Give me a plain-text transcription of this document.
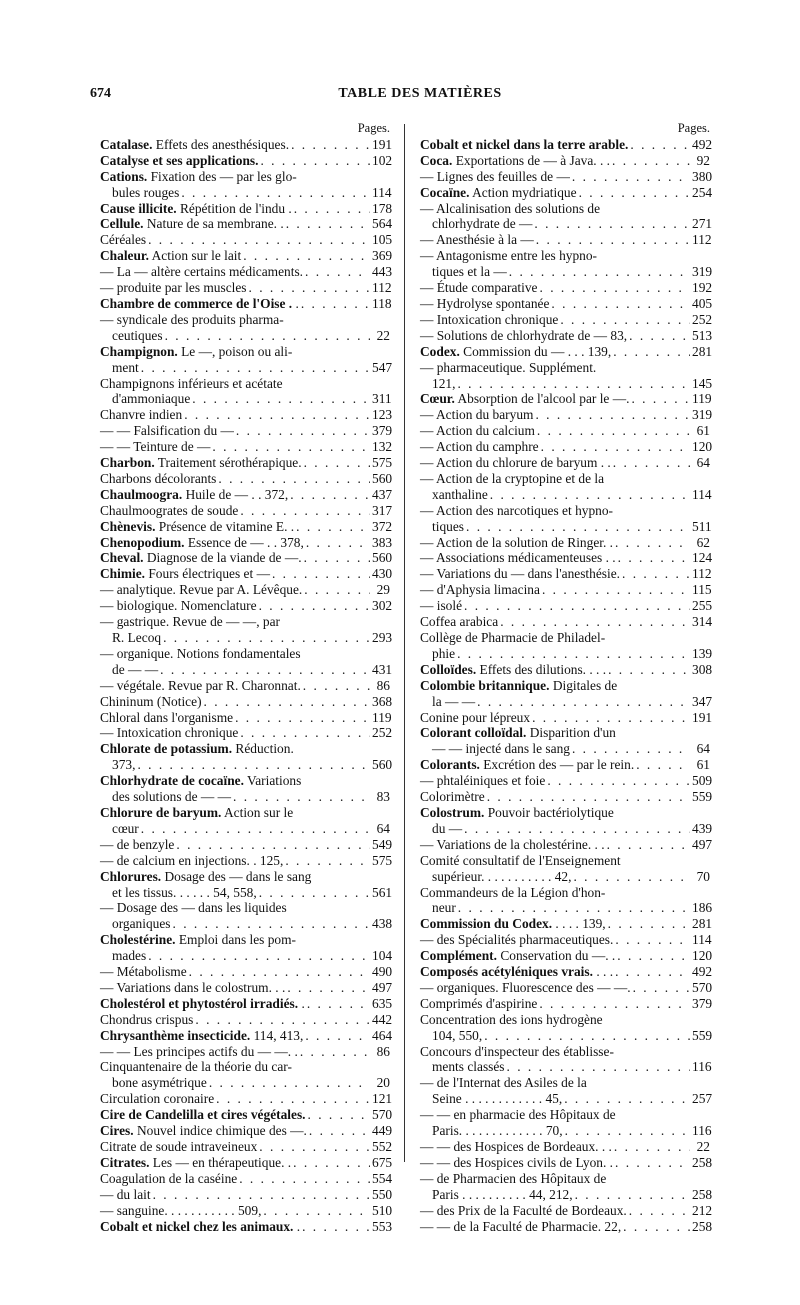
674	TABLE DES MATIÈRES
Pages.
Catalase. Effets des anesthésiques. . . .	191
Catalyse et ses applications. . . .	102
Cations. Fixation des — par les glo-
bules rouges . . .	114
Cause illicite. Répétition de l'indu . . . .	178
Cellule. Nature de sa membrane. . . . .	564
Céréales . . .	105
Chaleur. Action sur le lait . . .	369
— La — altère certains médicaments. . . .	443
— produite par les muscles . . .	112
Chambre de commerce de l'Oise . . . . .	118
— syndicale des produits pharma-
ceutiques . . .	22
Champignon. Le —, poison ou ali-
ment . . .	547
Champignons inférieurs et acétate
d'ammoniaque . . .	311
Chanvre indien . . .	123
— — Falsification du — . . .	379
— — Teinture de — . . .	132
Charbon. Traitement sérothérapique. . . .	575
Charbons décolorants . . .	560
Chaulmoogra. Huile de — . . 372, . . .	437
Chaulmoogrates de soude . . .	317
Chènevis. Présence de vitamine E. . . . .	372
Chenopodium. Essence de — . . 378, . . .	383
Cheval. Diagnose de la viande de —. . . .	560
Chimie. Fours électriques et — . . .	430
— analytique. Revue par A. Lévêque. . . .	29
— biologique. Nomenclature . . .	302
— gastrique. Revue de — —, par
R. Lecoq . . .	293
— organique. Notions fondamentales
de — — . . .	431
— végétale. Revue par R. Charonnat. . . .	86
Chininum (Notice) . . .	368
Chloral dans l'organisme . . .	119
— Intoxication chronique . . .	252
Chlorate de potassium. Réduction.
373, . . .	560
Chlorhydrate de cocaïne. Variations
des solutions de — — . . .	83
Chlorure de baryum. Action sur le
cœur . . .	64
— de benzyle . . .	549
— de calcium en injections. . 125, . . .	575
Chlorures. Dosage des — dans le sang
et les tissus. . . . . . 54, 558, . . .	561
— Dosage des — dans les liquides
organiques . . .	438
Cholestérine. Emploi dans les pom-
mades . . .	104
— Métabolisme . . .	490
— Variations dans le colostrum. . . . . .	497
Cholestérol et phytostérol irradiés. . . . .	635
Chondrus crispus . . .	442
Chrysanthème insecticide. 114, 413, . . .	464
— — Les principes actifs du — —. . . . .	86
Cinquantenaire de la théorie du car-
bone asymétrique . . .	20
Circulation coronaire . . .	121
Cire de Candelilla et cires végétales. . . .	570
Cires. Nouvel indice chimique des —. . . .	449
Citrate de soude intraveineux . . .	552
Citrates. Les — en thérapeutique. . . . .	675
Coagulation de la caséine . . .	554
— du lait . . .	550
— sanguine. . . . . . . . . . . 509, . . .	510
Cobalt et nickel chez les animaux. . . . .	553
Pages.
Cobalt et nickel dans la terre arable. . . .	492
Coca. Exportations de — à Java. . . . . .	92
— Lignes des feuilles de — . . .	380
Cocaïne. Action mydriatique . . .	254
— Alcalinisation des solutions de
chlorhydrate de — . . .	271
— Anesthésie à la — . . .	112
— Antagonisme entre les hypno-
tiques et la — . . .	319
— Étude comparative . . .	192
— Hydrolyse spontanée . . .	405
— Intoxication chronique . . .	252
— Solutions de chlorhydrate de — 83, . . .	513
Codex. Commission du — . . . 139, . . .	281
— pharmaceutique. Supplément.
121, . . .	145
Cœur. Absorption de l'alcool par le —. . . .	119
— Action du baryum . . .	319
— Action du calcium . . .	61
— Action du camphre . . .	120
— Action du chlorure de baryum . . . . .	64
— Action de la cryptopine et de la
xanthaline . . .	114
— Action des narcotiques et hypno-
tiques . . .	511
— Action de la solution de Ringer. . . . .	62
— Associations médicamenteuses . . . . .	124
— Variations du — dans l'anesthésie. . . .	112
— d'Aphysia limacina . . .	115
— isolé . . .	255
Coffea arabica . . .	314
Collège de Pharmacie de Philadel-
phie . . .	139
Colloïdes. Effets des dilutions. . . . . . .	308
Colombie britannique. Digitales de
la — — . . .	347
Conine pour lépreux . . .	191
Colorant colloïdal. Disparition d'un
— — injecté dans le sang . . .	64
Colorants. Excrétion des — par le rein. . . .	61
— phtaléiniques et foie . . .	509
Colorimètre . . .	559
Colostrum. Pouvoir bactériolytique
du — . . .	439
— Variations de la cholestérine. . . . . .	497
Comité consultatif de l'Enseignement
supérieur. . . . . . . . . . . 42, . . .	70
Commandeurs de la Légion d'hon-
neur . . .	186
Commission du Codex. . . . . 139, . . .	281
— des Spécialités pharmaceutiques. . . .	114
Complément. Conservation du —. . . . .	120
Composés acétyléniques vrais. . . . . . .	492
— organiques. Fluorescence des — —. . . .	570
Comprimés d'aspirine . . .	379
Concentration des ions hydrogène
104, 550, . . .	559
Concours d'inspecteur des établisse-
ments classés . . .	116
— de l'Internat des Asiles de la
Seine . . . . . . . . . . . . 45, . . .	257
— — en pharmacie des Hôpitaux de
Paris. . . . . . . . . . . . . 70, . . .	116
— — des Hospices de Bordeaux. . . . . .	22
— — des Hospices civils de Lyon. . . . .	258
— de Pharmacien des Hôpitaux de
Paris . . . . . . . . . . 44, 212, . . .	258
— des Prix de la Faculté de Bordeaux. . . .	212
— — de la Faculté de Pharmacie. 22, . . .	258
